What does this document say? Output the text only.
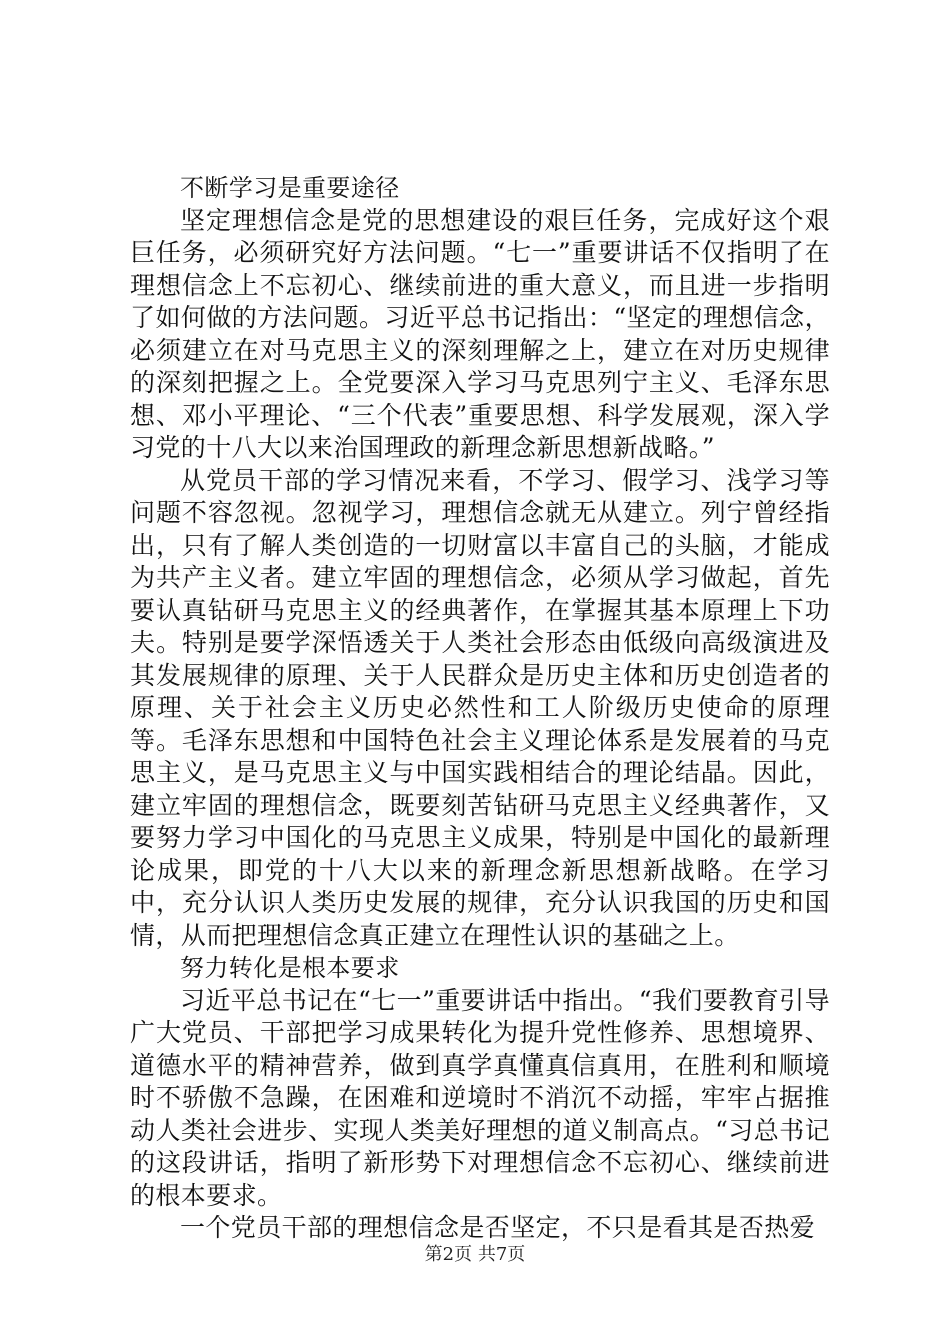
不断学习是重要途径

坚定理想信念是党的思想建设的艰巨任务，完成好这个艰巨任务，必须研究好方法问题。“七一”重要讲话不仅指明了在理想信念上不忘初心、继续前进的重大意义，而且进一步指明了如何做的方法问题。习近平总书记指出：“坚定的理想信念，必须建立在对马克思主义的深刻理解之上，建立在对历史规律的深刻把握之上。全党要深入学习马克思列宁主义、毛泽东思想、邓小平理论、“三个代表”重要思想、科学发展观，深入学习党的十八大以来治国理政的新理念新思想新战略。”

从党员干部的学习情况来看，不学习、假学习、浅学习等问题不容忽视。忽视学习，理想信念就无从建立。列宁曾经指出，只有了解人类创造的一切财富以丰富自己的头脑，才能成为共产主义者。建立牢固的理想信念，必须从学习做起，首先要认真钻研马克思主义的经典著作，在掌握其基本原理上下功夫。特别是要学深悟透关于人类社会形态由低级向高级演进及其发展规律的原理、关于人民群众是历史主体和历史创造者的原理、关于社会主义历史必然性和工人阶级历史使命的原理等。毛泽东思想和中国特色社会主义理论体系是发展着的马克思主义，是马克思主义与中国实践相结合的理论结晶。因此，建立牢固的理想信念，既要刻苦钻研马克思主义经典著作，又要努力学习中国化的马克思主义成果，特别是中国化的最新理论成果，即党的十八大以来的新理念新思想新战略。在学习中，充分认识人类历史发展的规律，充分认识我国的历史和国情，从而把理想信念真正建立在理性认识的基础之上。

努力转化是根本要求

习近平总书记在“七一”重要讲话中指出。“我们要教育引导广大党员、干部把学习成果转化为提升党性修养、思想境界、道德水平的精神营养，做到真学真懂真信真用，在胜利和顺境时不骄傲不急躁，在困难和逆境时不消沉不动摇，牢牢占据推动人类社会进步、实现人类美好理想的道义制高点。“习总书记的这段讲话，指明了新形势下对理想信念不忘初心、继续前进的根本要求。

一个党员干部的理想信念是否坚定，不只是看其是否热爱

第2页 共7页
